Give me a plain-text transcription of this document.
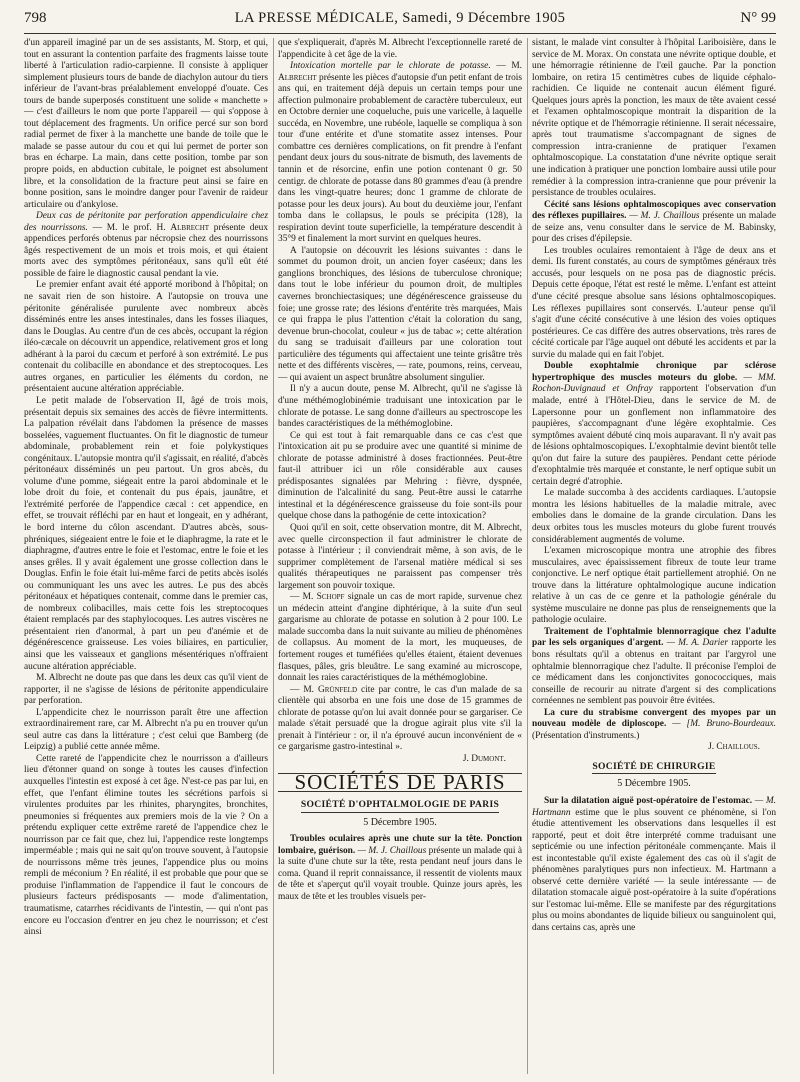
798	LA PRESSE MÉDICALE, Samedi, 9 Décembre 1905	N° 99

d'un appareil imaginé par un de ses assistants, M. Storp, et qui, tout en assurant la contention parfaite des fragments laisse toute liberté à l'articulation radio-carpienne. Il consiste à appliquer simplement plusieurs tours de bande de diachylon autour du tiers inférieur de l'avant-bras préalablement enveloppé d'ouate. Ces tours de bande superposés constituent une solide « manchette » — c'est d'ailleurs le nom que porte l'appareil — qui s'oppose à tout déplacement des fragments. Un orifice percé sur son bord radial permet de fixer à la manchette une bande de toile que le malade se passe autour du cou et qui lui permet de porter son bras en écharpe. La main, dans cette position, tombe par son propre poids, en abduction cubitale, le poignet est absolument libre, et la consolidation de la fracture peut ainsi se faire en bonne position, sans le moindre danger pour l'avenir de raideur articulaire ou d'ankylose.

Deux cas de péritonite par perforation appendiculaire chez des nourrissons. — M. le prof. H. Albrecht présente deux appendices perforés obtenus par nécropsie chez des nourrissons âgés respectivement de un mois et trois mois, et qui étaient morts avec des symptômes péritonéaux, sans qu'il eût été possible de faire le diagnostic causal pendant la vie.

Le premier enfant avait été apporté moribond à l'hôpital; on ne savait rien de son histoire. A l'autopsie on trouva une péritonite généralisée purulente avec nombreux abcès disséminés entre les anses intestinales, dans les fosses iliaques, dans le Douglas. Au centre d'un de ces abcès, occupant la région iléo-cæcale on découvrit un appendice, relativement gros et long adhérant à la paroi du cæcum et perforé à son extrémité. Le pus contenait du colibacille en abondance et des streptocoques. Les autres organes, en particulier les éléments du cordon, ne présentaient aucune altération appréciable.

Le petit malade de l'observation II, âgé de trois mois, présentait depuis six semaines des accès de fièvre intermittents. La palpation révélait dans l'abdomen la présence de masses bosselées, vaguement fluctuantes. On fit le diagnostic de tumeur abdominale, probablement rein et foie polykystiques congénitaux. L'autopsie montra qu'il s'agissait, en réalité, d'abcès péritonéaux disséminés un peu partout. Un gros abcès, du volume d'une pomme, siégeait entre la paroi abdominale et le lobe droit du foie, et contenait du pus épais, jaunâtre, et l'extrémité perforée de l'appendice cæcal : cet appendice, en effet, se trouvait réfléchi par en haut et longeait, en y adhérant, le bord interne du côlon ascendant. D'autres abcès, sous-phréniques, siégeaient entre le foie et le diaphragme, la rate et le diaphragme, d'autres entre le foie et l'estomac, entre le foie et les anses grêles. Il y avait également une grosse collection dans le Douglas. Enfin le foie était lui-même farci de petits abcès isolés ou communiquant les uns avec les autres. Le pus des abcès péritonéaux et hépatiques contenait, comme dans le premier cas, de nombreux colibacilles, mais cette fois les streptocoques étaient remplacés par des staphylocoques. Les autres viscères ne présentaient rien d'anormal, à part un peu d'anémie et de dégénérescence graisseuse. Les voies biliaires, en particulier, ainsi que les vaisseaux et ganglions mésentériques n'offraient aucune altération appréciable.

M. Albrecht ne doute pas que dans les deux cas qu'il vient de rapporter, il ne s'agisse de lésions de péritonite appendiculaire par perforation.

L'appendicite chez le nourrisson paraît être une affection extraordinairement rare, car M. Albrecht n'a pu en trouver qu'un seul autre cas dans la littérature ; c'est celui que Bamberg (de Leipzig) a publié cette année même.

Cette rareté de l'appendicite chez le nourrisson a d'ailleurs lieu d'étonner quand on songe à toutes les causes d'infection auxquelles l'intestin est exposé à cet âge. N'est-ce pas par lui, en effet, que l'enfant élimine toutes les sécrétions parfois si virulentes produites par les rhinites, pharyngites, bronchites, pneumonies si fréquentes aux premiers mois de la vie ? On a prétendu expliquer cette extrême rareté de l'appendice chez le nourrisson par ce fait que, chez lui, l'appendice reste longtemps imperméable ; mais qui ne sait qu'on trouve souvent, à l'autopsie de nourrissons même très jeunes, l'appendice plus ou moins rempli de méconium ? En réalité, il est probable que pour que se produise l'inflammation de l'appendice il faut le concours de plusieurs facteurs prédisposants — mode d'alimentation, traumatisme, catarrhes récidivants de l'intestin, — qui n'ont pas encore eu l'occasion d'entrer en jeu chez le nourrisson; et c'est ainsi

que s'expliquerait, d'après M. Albrecht l'exceptionnelle rareté de l'appendicite à cet âge de la vie.

Intoxication mortelle par le chlorate de potasse. — M. Albrecht présente les pièces d'autopsie d'un petit enfant de trois ans qui, en traitement déjà depuis un certain temps pour une affection pulmonaire probablement de caractère tuberculeux, eut en Octobre dernier une coqueluche, puis une varicelle, à laquelle succéda, en Novembre, une rubéole, laquelle se compliqua à son tour d'une entérite et d'une stomatite assez intenses. Pour combattre ces dernières complications, on fit prendre à l'enfant pendant deux jours du sous-nitrate de bismuth, des lavements de tannin et de résorcine, enfin une potion contenant 0 gr. 50 centigr. de chlorate de potasse dans 80 grammes d'eau (à prendre dans les vingt-quatre heures; donc 1 gramme de chlorate de potasse pour les deux jours). Au bout du deuxième jour, l'enfant tomba dans le collapsus, le pouls se précipita (128), la respiration devint toute superficielle, la température descendit à 35°9 et finalement la mort survint en quelques heures.

A l'autopsie on découvrit les lésions suivantes : dans le sommet du poumon droit, un ancien foyer caséeux; dans les ganglions bronchiques, des lésions de tuberculose chronique; dans tout le lobe inférieur du poumon droit, de multiples cavernes bronchiectasiques; une dégénérescence graisseuse du foie; une grosse rate; des lésions d'entérite très marquées, Mais ce qui frappa le plus l'attention c'était la coloration du sang, devenue brun-chocolat, couleur « jus de tabac »; cette altération du sang se traduisait d'ailleurs par une coloration tout particulière des téguments qui affectaient une teinte grisâtre très nette et des différents viscères, — rate, poumons, reins, cerveau, — qui avaient un aspect brunâtre absolument singulier.

Il n'y a aucun doute, pense M. Albrecht, qu'il ne s'agisse là d'une méthémoglobinémie traduisant une intoxication par le chlorate de potasse. Le sang donne d'ailleurs au spectroscope les bandes caractéristiques de la méthémoglobine.

Ce qui est tout à fait remarquable dans ce cas c'est que l'intoxication ait pu se produire avec une quantité si minime de chlorate de potasse administré à doses fractionnées. Peut-être faut-il attribuer ici un rôle considérable aux causes prédisposantes signalées par Mehring : fièvre, dyspnée, diminution de l'alcalinité du sang. Peut-être aussi le catarrhe intestinal et la dégénérescence graisseuse du foie sont-ils pour quelque chose dans la pathogénie de cette intoxication?

Quoi qu'il en soit, cette observation montre, dit M. Albrecht, avec quelle circonspection il faut administrer le chlorate de potasse à l'intérieur ; il conviendrait même, à son avis, de le supprimer complètement de l'arsenal matière médical si ses qualités thérapeutiques ne paraissent pas compenser très largement son pouvoir toxique.

— M. Schopf signale un cas de mort rapide, survenue chez un médecin atteint d'angine diphtérique, à la suite d'un seul gargarisme au chlorate de potasse en solution à 2 pour 100. Le malade succomba dans la nuit suivante au milieu de phénomènes de collapsus. Au moment de la mort, les muqueuses, de fortement rouges et tuméfiées qu'elles étaient, étaient devenues flasques, pâles, gris bleuâtre. Le sang examiné au microscope, donnait les raies caractéristiques de la méthémoglobine.

— M. Grünfeld cite par contre, le cas d'un malade de sa clientèle qui absorba en une fois une dose de 15 grammes de chlorate de potasse qu'on lui avait donnée pour se gargariser. Ce malade s'était persuadé que la drogue agirait plus vite s'il la prenait à l'intérieur : or, il n'a éprouvé aucun inconvénient de « ce gargarisme gastro-intestinal ».

J. Dumont.

SOCIÉTÉS DE PARIS
SOCIÉTÉ D'OPHTALMOLOGIE DE PARIS
5 Décembre 1905.

Troubles oculaires après une chute sur la tête. Ponction lombaire, guérison. — M. J. Chaillous présente un malade qui à la suite d'une chute sur la tête, resta pendant neuf jours dans le coma. Quand il reprit connaissance, il ressentit de violents maux de tête et s'aperçut qu'il voyait trouble. Quinze jours après, les maux de tête et les troubles visuels per-

sistant, le malade vint consulter à l'hôpital Lariboisière, dans le service de M. Morax. On constata une névrite optique double, et une hémorragie rétinienne de l'œil gauche. Par la ponction lombaire, on retira 15 centimètres cubes de liquide céphalo-rachidien. Ce liquide ne contenait aucun élément figuré. Quelques jours après la ponction, les maux de tête avaient cessé et l'examen ophtalmoscopique montrait la disparition de la névrite optique et de l'hémorragie rétinienne. Il serait nécessaire, après tout traumatisme s'accompagnant de signes de compression intra-cranienne de pratiquer l'examen ophtalmoscopique. La constatation d'une névrite optique serait une indication à pratiquer une ponction lombaire aussi utile pour remédier à la compression intra-cranienne que pour prévenir la persistance de troubles oculaires.

Cécité sans lésions ophtalmoscopiques avec conservation des réflexes pupillaires. — M. J. Chaillous présente un malade de seize ans, venu consulter dans le service de M. Babinsky, pour des crises d'épilepsie.

Les troubles oculaires remontaient à l'âge de deux ans et demi. Ils furent constatés, au cours de symptômes généraux très accusés, pour lesquels on ne posa pas de diagnostic précis. Depuis cette époque, l'état est resté le même. L'enfant est atteint d'une cécité presque absolue sans lésions ophtalmoscopiques. Les réflexes pupillaires sont conservés. L'auteur pense qu'il s'agit d'une cécité consécutive à une lésion des voies optiques postérieures. Ce cas diffère des autres observations, très rares de cécité corticale par l'âge auquel ont débuté les accidents et par la survie du malade qui en fait l'objet.

Double exophtalmie chronique par sclérose hypertrophique des muscles moteurs du globe. — MM. Rochon-Duvignaud et Onfray rapportent l'observation d'un malade, entré à l'Hôtel-Dieu, dans le service de M. de Lapersonne pour un gonflement non inflammatoire des paupières, s'accompagnant d'une légère exophtalmie. Ces symptômes avaient débuté cinq mois auparavant. Il n'y avait pas de lésions ophtalmoscopiques. L'exophtalmie devint bientôt telle qu'on dut faire la suture des paupières. Pendant cette période d'exophtalmie très marquée et constante, le nerf optique subit un certain degré d'atrophie.

Le malade succomba à des accidents cardiaques. L'autopsie montra les lésions habituelles de la maladie mitrale, avec embolies dans le domaine de la grande circulation. Dans les deux orbites tous les muscles moteurs du globe furent trouvés considérablement augmentés de volume.

L'examen microscopique montra une atrophie des fibres musculaires, avec épaississement fibreux de toute leur trame conjonctive. Le nerf optique était partiellement atrophié. On ne trouve dans la littérature ophtalmologique aucune indication relative à un cas de ce genre et la pathologie générale du système musculaire ne donne pas plus de renseignements que la pathologie oculaire.

Traitement de l'ophtalmie blennorragique chez l'adulte par les sels organiques d'argent. — M. A. Darier rapporte les bons résultats qu'il a obtenus en traitant par l'argyrol une ophtalmie blennorragique chez l'adulte. Il préconise l'emploi de ce médicament dans les conjonctivites gonococciques, mais conseille de recourir au nitrate d'argent si des complications cornéennes ne semblent pas pouvoir être évitées.

La cure du strabisme convergent des myopes par un nouveau modèle de diploscope. — [M. Bruno-Bourdeaux. (Présentation d'instruments.)

J. Chaillous.

SOCIÉTÉ DE CHIRURGIE
5 Décembre 1905.

Sur la dilatation aiguë post-opératoire de l'estomac. — M. Hartmann estime que le plus souvent ce phénomène, si l'on étudie attentivement les observations dans lesquelles il est rapporté, peut et doit être interprété comme traduisant une septicémie ou une infection péritonéale commençante. Mais il est incontestable qu'il existe également des cas où il s'agit de phénomènes paralytiques purs non infectieux. M. Hartmann a observé cette dernière variété — la seule intéressante — de dilatation stomacale aiguë post-opératoire à la suite d'opérations sur l'estomac lui-même. Elle se manifeste par des régurgitations plus ou moins abondantes de liquide bilieux ou sanguinolent qui, dans certains cas, après une
